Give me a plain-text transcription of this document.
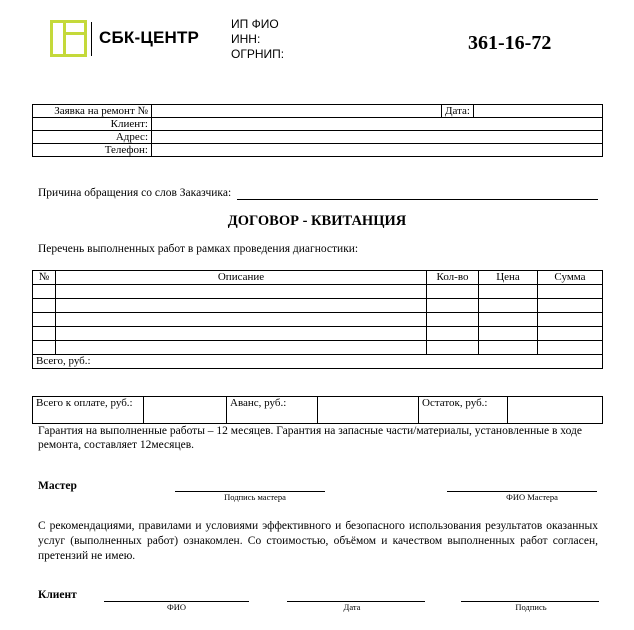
СБК-ЦЕНТР
ИП ФИО
ИНН:
ОГРНИП:	361-16-72
Заявка на ремонт №		Дата:	
Клиент:			
Адрес:			
Телефон:			
Причина обращения со слов Заказчика:
ДОГОВОР - КВИТАНЦИЯ
Перечень выполненных работ в рамках проведения диагностики:
№	Описание	Кол-во	Цена	Сумма

Всего, руб.:				
Всего к оплате, руб.:		Аванс, руб.:		Остаток, руб.:	
Гарантия на выполненные работы – 12 месяцев. Гарантия на запасные части/материалы, установленные в ходе ремонта, составляет 12месяцев.
Мастер
Подпись мастера	ФИО Мастера
С рекомендациями, правилами и условиями эффективного и безопасного использования результатов оказанных услуг (выполненных работ) ознакомлен. Со стоимостью, объёмом и качеством выполненных работ согласен, претензий не имею.
Клиент
ФИО	Дата	Подпись
